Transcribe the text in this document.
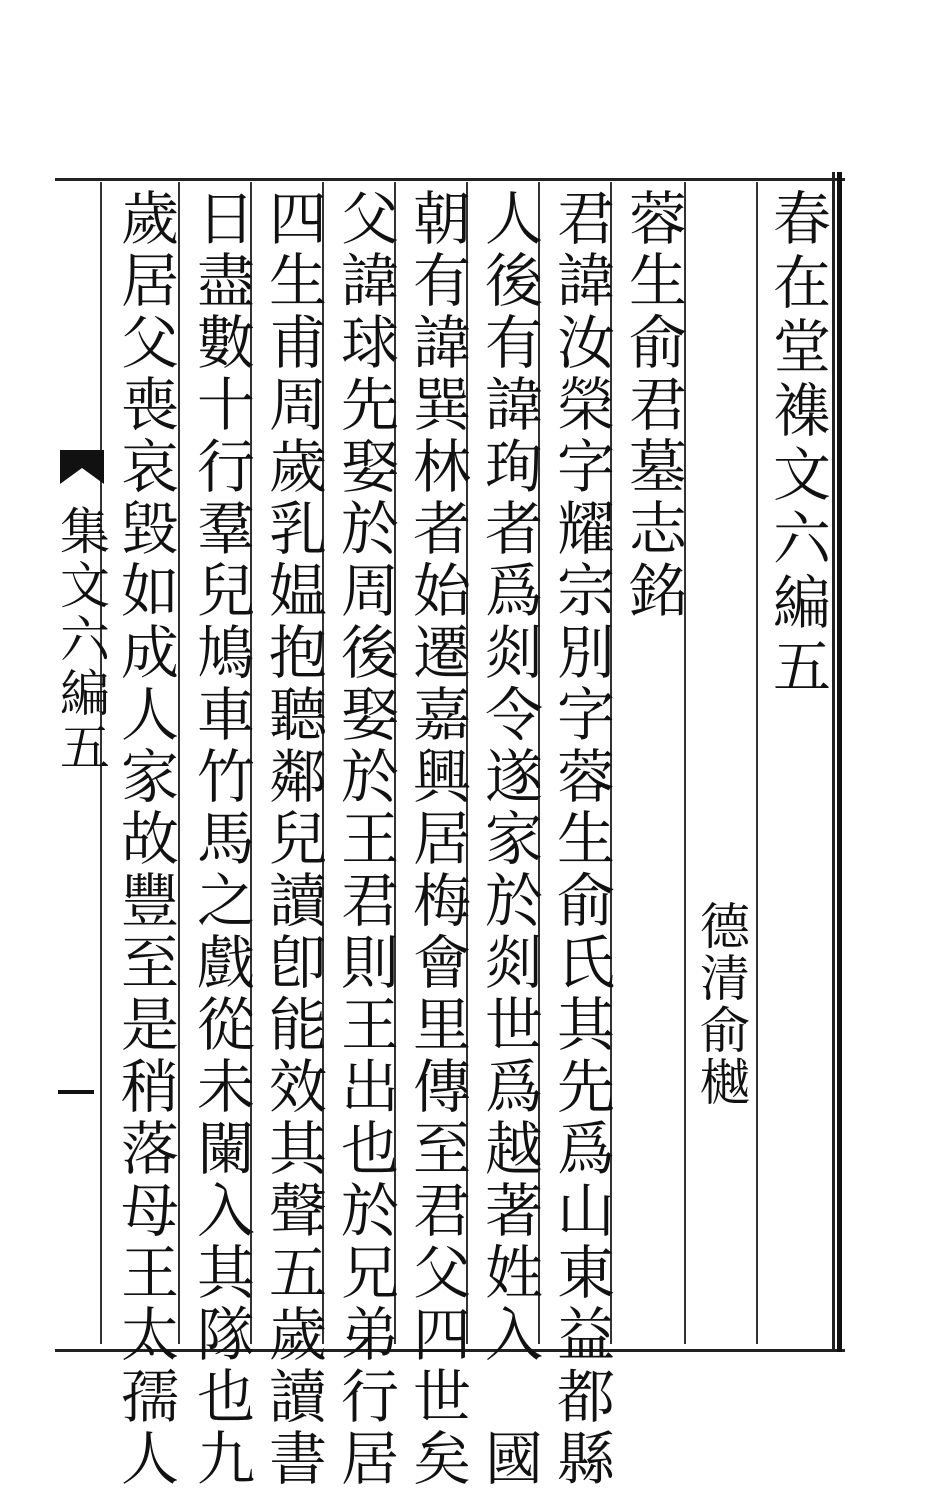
春在堂襍文六編五
德清俞樾
蓉生俞君墓志銘
君諱汝榮字耀宗別字蓉生俞氏其先爲山東益都縣
人後有諱珣者爲剡令遂家於剡世爲越著姓入　國
朝有諱巽林者始遷嘉興居梅會里傳至君父四世矣
父諱球先娶於周後娶於王君則王出也於兄弟行居
四生甫周歲乳媪抱聽鄰兒讀卽能效其聲五歲讀書
日盡數十行羣兒鳩車竹馬之戲從未闌入其隊也九
歲居父喪哀毀如成人家故豐至是稍落母王太孺人
集文六編五
